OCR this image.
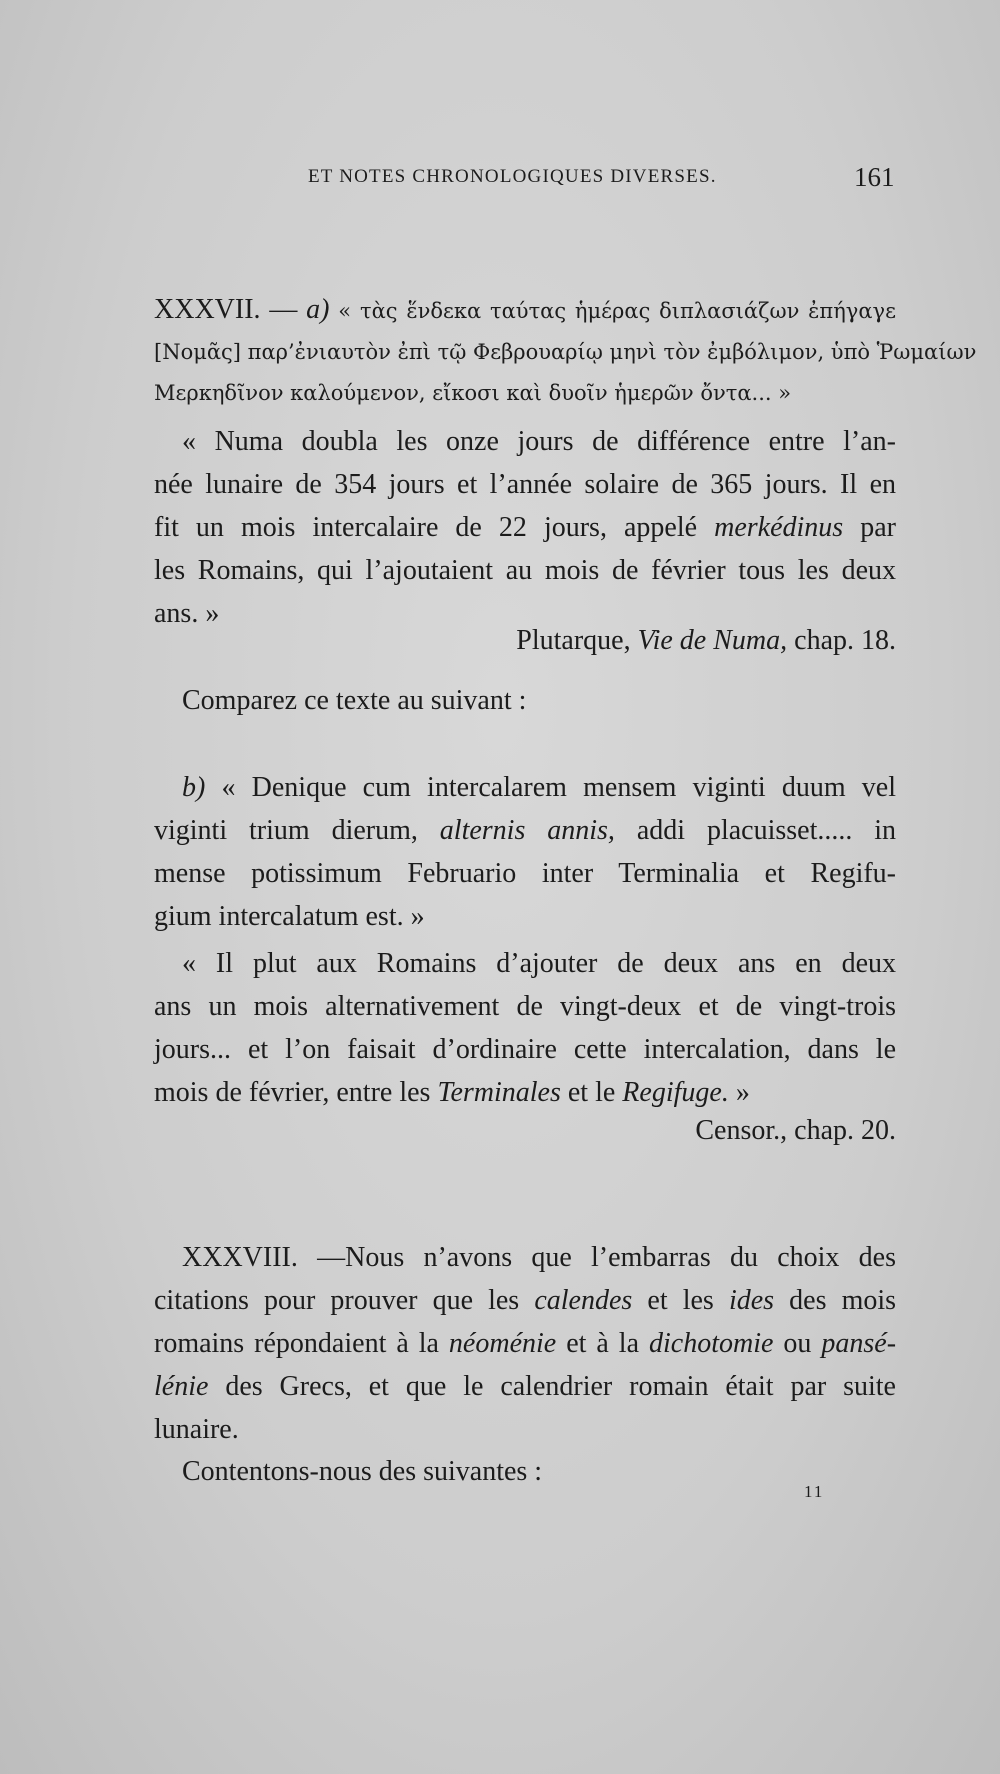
ET NOTES CHRONOLOGIQUES DIVERSES.	161
XXXVII. — a) « τὰς ἕνδεκα ταύτας ἡμέρας διπλασιάζων ἐπήγαγε
[Νομᾶς] παρ’ἐνιαυτὸν ἐπὶ τῷ Φεβρουαρίῳ μηνὶ τὸν ἐμβόλιμον, ὑπὸ Ῥωμαίων
Μερκηδῖνον καλούμενον, εἴκοσι καὶ δυοῖν ἡμερῶν ὄντα... »
« Numa doubla les onze jours de différence entre l’an-
née lunaire de 354 jours et l’année solaire de 365 jours. Il en
fit un mois intercalaire de 22 jours, appelé merkédinus par
les Romains, qui l’ajoutaient au mois de février tous les deux
ans. »
Plutarque, Vie de Numa, chap. 18.
Comparez ce texte au suivant :
b) « Denique cum intercalarem mensem viginti duum vel
viginti trium dierum, alternis annis, addi placuisset..... in
mense potissimum Februario inter Terminalia et Regifu-
gium intercalatum est. »
« Il plut aux Romains d’ajouter de deux ans en deux
ans un mois alternativement de vingt-deux et de vingt-trois
jours... et l’on faisait d’ordinaire cette intercalation, dans le
mois de février, entre les Terminales et le Regifuge. »
Censor., chap. 20.
XXXVIII. —Nous n’avons que l’embarras du choix des
citations pour prouver que les calendes et les ides des mois
romains répondaient à la néoménie et à la dichotomie ou pansé-
lénie des Grecs, et que le calendrier romain était par suite
lunaire.
Contentons-nous des suivantes :
11
